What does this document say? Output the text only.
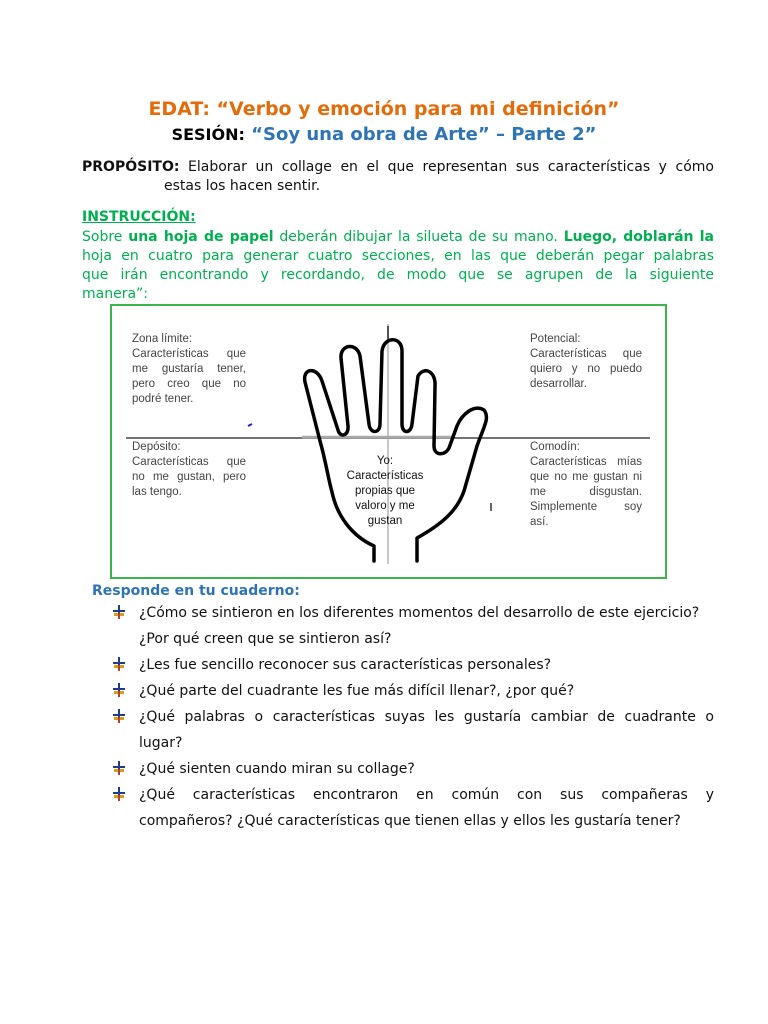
EDAT: “Verbo y emoción para mi definición”
SESIÓN: “Soy una obra de Arte” – Parte 2”
PROPÓSITO: Elaborar un collage en el que representan sus características y cómo
estas los hacen sentir.
INSTRUCCIÓN:
Sobre una hoja de papel deberán dibujar la silueta de su mano. Luego, doblarán la
hoja en cuatro para generar cuatro secciones, en las que deberán pegar palabras
que irán encontrando y recordando, de modo que se agrupen de la siguiente
manera”:
Zona límite:
Características que
me gustaría tener,
pero creo que no
podré tener.
Potencial:
Características que
quiero y no puedo
desarrollar.
Depósito:
Características que
no me gustan, pero
las tengo.
Comodín:
Características mías
que no me gustan ni
me disgustan.
Simplemente soy
así.
Yo:
Características
propias que
valoro y me
gustan
Responde en tu cuaderno:
¿Cómo se sintieron en los diferentes momentos del desarrollo de este ejercicio?
¿Por qué creen que se sintieron así?
¿Les fue sencillo reconocer sus características personales?
¿Qué parte del cuadrante les fue más difícil llenar?, ¿por qué?
¿Qué palabras o características suyas les gustaría cambiar de cuadrante o
lugar?
¿Qué sienten cuando miran su collage?
¿Qué características encontraron en común con sus compañeras y
compañeros? ¿Qué características que tienen ellas y ellos les gustaría tener?
